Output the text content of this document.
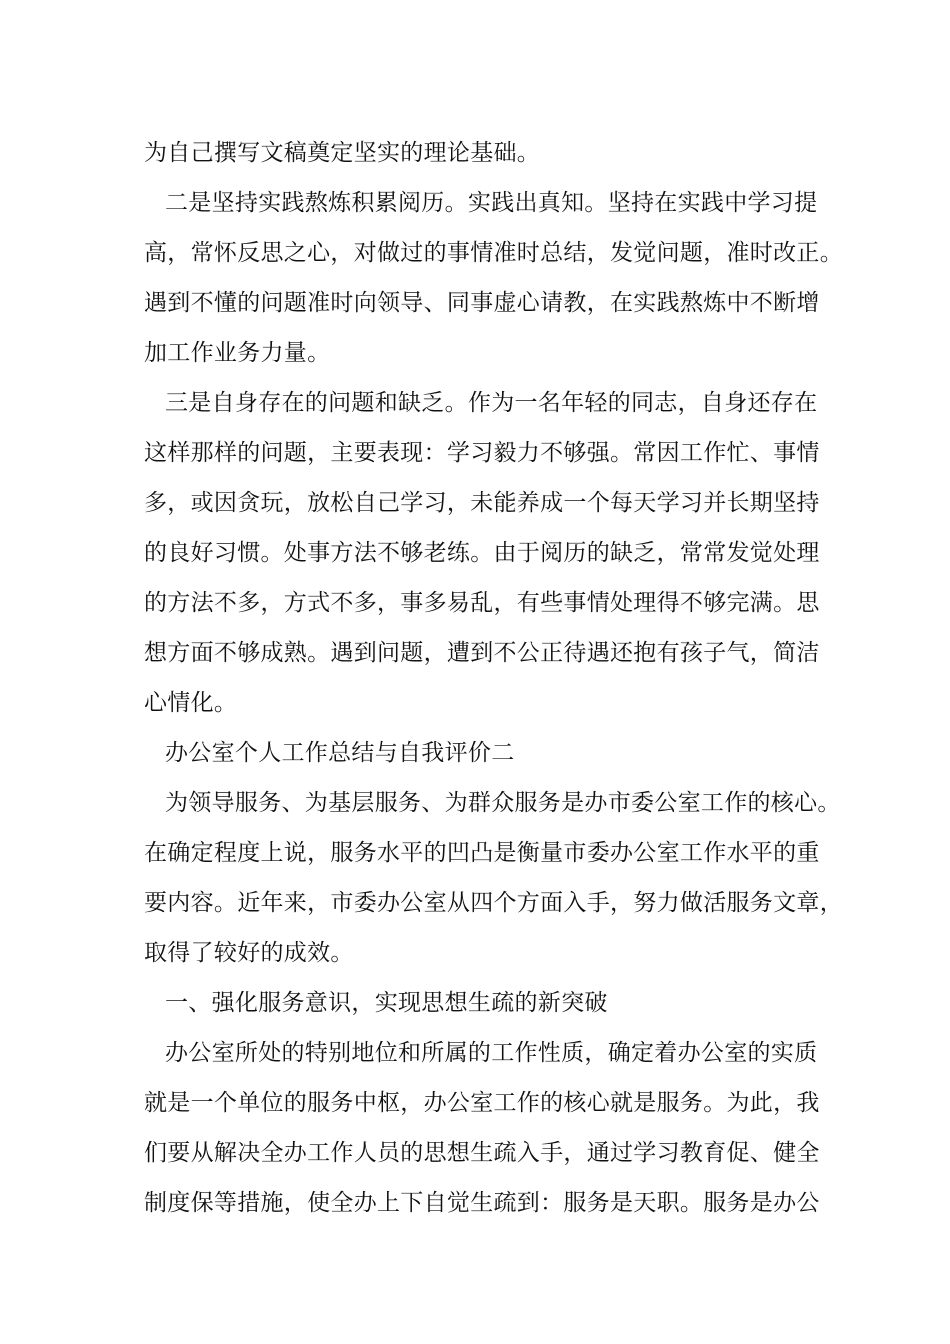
为自己撰写文稿奠定坚实的理论基础。
二是坚持实践熬炼积累阅历。实践出真知。坚持在实践中学习提
高，常怀反思之心，对做过的事情准时总结，发觉问题，准时改正。
遇到不懂的问题准时向领导、同事虚心请教，在实践熬炼中不断增
加工作业务力量。
三是自身存在的问题和缺乏。作为一名年轻的同志，自身还存在
这样那样的问题，主要表现：学习毅力不够强。常因工作忙、事情
多，或因贪玩，放松自己学习，未能养成一个每天学习并长期坚持
的良好习惯。处事方法不够老练。由于阅历的缺乏，常常发觉处理
的方法不多，方式不多，事多易乱，有些事情处理得不够完满。思
想方面不够成熟。遇到问题，遭到不公正待遇还抱有孩子气，简洁
心情化。
办公室个人工作总结与自我评价二
为领导服务、为基层服务、为群众服务是办市委公室工作的核心。
在确定程度上说，服务水平的凹凸是衡量市委办公室工作水平的重
要内容。近年来，市委办公室从四个方面入手，努力做活服务文章，
取得了较好的成效。
一、强化服务意识，实现思想生疏的新突破
办公室所处的特别地位和所属的工作性质，确定着办公室的实质
就是一个单位的服务中枢，办公室工作的核心就是服务。为此，我
们要从解决全办工作人员的思想生疏入手，通过学习教育促、健全
制度保等措施，使全办上下自觉生疏到：服务是天职。服务是办公
